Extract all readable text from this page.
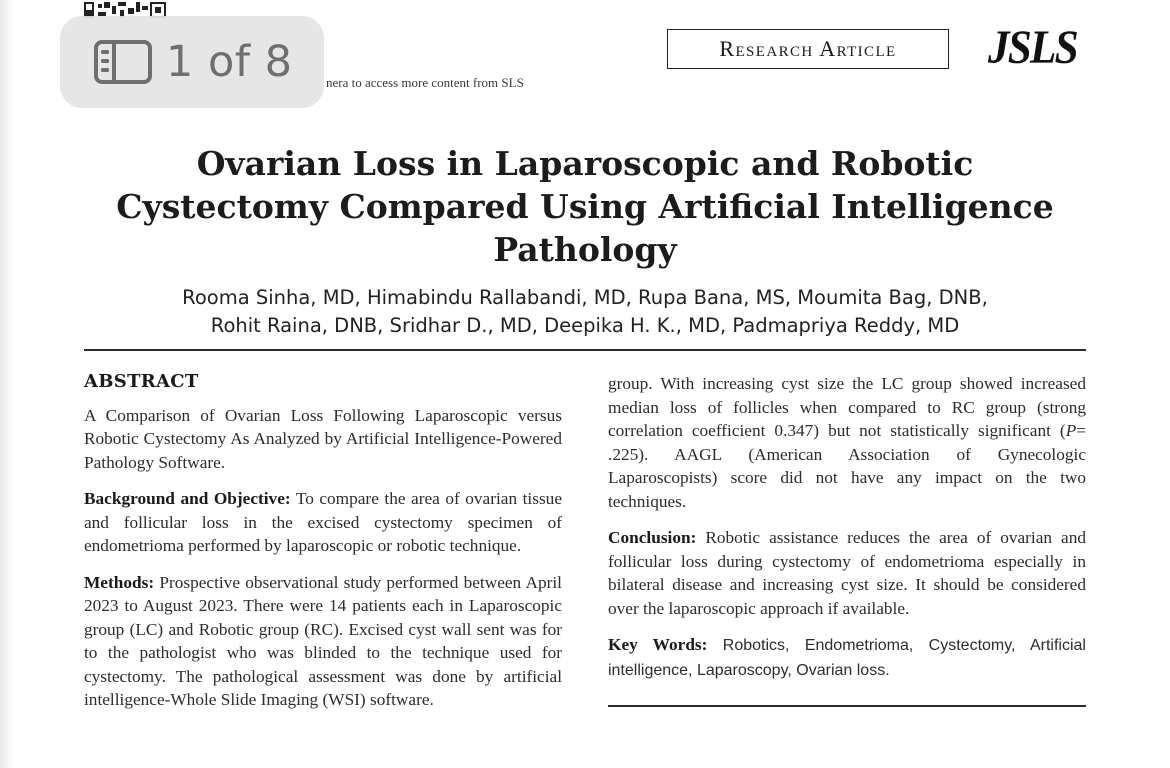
nera to access more content from SLS
1 of 8	Research Article	JSLS
Ovarian Loss in Laparoscopic and Robotic Cystectomy Compared Using Artificial Intelligence Pathology
Rooma Sinha, MD, Himabindu Rallabandi, MD, Rupa Bana, MS, Moumita Bag, DNB,
Rohit Raina, DNB, Sridhar D., MD, Deepika H. K., MD, Padmapriya Reddy, MD
ABSTRACT

A Comparison of Ovarian Loss Following Laparoscopic versus Robotic Cystectomy As Analyzed by Artificial Intelligence-Powered Pathology Software.

Background and Objective: To compare the area of ovarian tissue and follicular loss in the excised cystectomy specimen of endometrioma performed by laparoscopic or robotic technique.

Methods: Prospective observational study performed between April 2023 to August 2023. There were 14 patients each in Laparoscopic group (LC) and Robotic group (RC). Excised cyst wall sent was for to the pathologist who was blinded to the technique used for cystectomy. The pathological assessment was done by artificial intelligence-Whole Slide Imaging (WSI) software.

group. With increasing cyst size the LC group showed increased median loss of follicles when compared to RC group (strong correlation coefficient 0.347) but not statistically significant (P= .225). AAGL (American Association of Gynecologic Laparoscopists) score did not have any impact on the two techniques.

Conclusion: Robotic assistance reduces the area of ovarian and follicular loss during cystectomy of endometrioma especially in bilateral disease and increasing cyst size. It should be considered over the laparoscopic approach if available.

Key Words: Robotics, Endometrioma, Cystectomy, Artificial intelligence, Laparoscopy, Ovarian loss.
